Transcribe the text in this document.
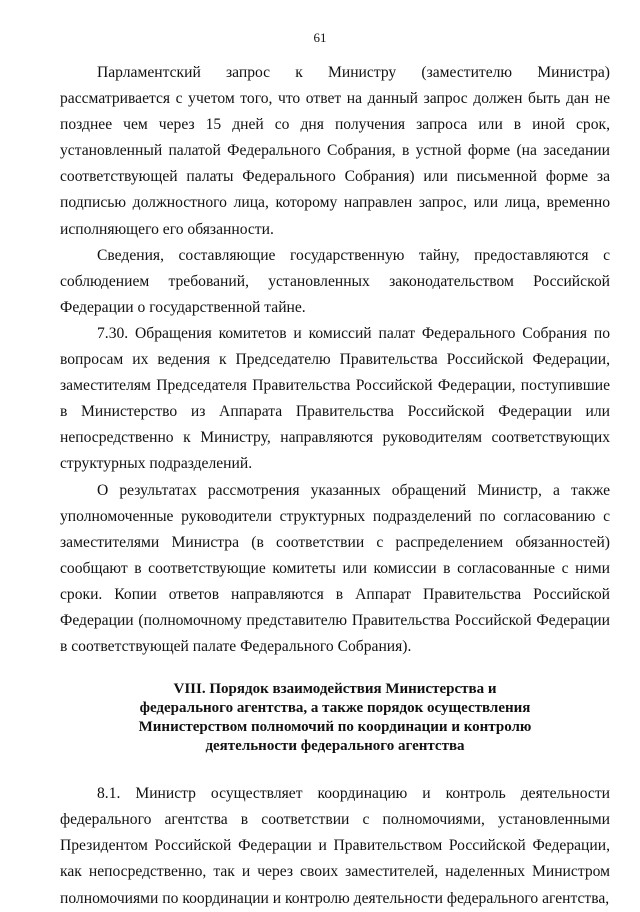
61

Парламентский запрос к Министру (заместителю Министра) рассматривается с учетом того, что ответ на данный запрос должен быть дан не позднее чем через 15 дней со дня получения запроса или в иной срок, установленный палатой Федерального Собрания, в устной форме (на заседании соответствующей палаты Федерального Собрания) или письменной форме за подписью должностного лица, которому направлен запрос, или лица, временно исполняющего его обязанности.

Сведения, составляющие государственную тайну, предоставляются с соблюдением требований, установленных законодательством Российской Федерации о государственной тайне.

7.30. Обращения комитетов и комиссий палат Федерального Собрания по вопросам их ведения к Председателю Правительства Российской Федерации, заместителям Председателя Правительства Российской Федерации, поступившие в Министерство из Аппарата Правительства Российской Федерации или непосредственно к Министру, направляются руководителям соответствующих структурных подразделений.

О результатах рассмотрения указанных обращений Министр, а также уполномоченные руководители структурных подразделений по согласованию с заместителями Министра (в соответствии с распределением обязанностей) сообщают в соответствующие комитеты или комиссии в согласованные с ними сроки. Копии ответов направляются в Аппарат Правительства Российской Федерации (полномочному представителю Правительства Российской Федерации в соответствующей палате Федерального Собрания).

VIII. Порядок взаимодействия Министерства и
федерального агентства, а также порядок осуществления
Министерством полномочий по координации и контролю
деятельности федерального агентства

8.1. Министр осуществляет координацию и контроль деятельности федерального агентства в соответствии с полномочиями, установленными Президентом Российской Федерации и Правительством Российской Федерации, как непосредственно, так и через своих заместителей, наделенных Министром полномочиями по координации и контролю деятельности федерального агентства,
